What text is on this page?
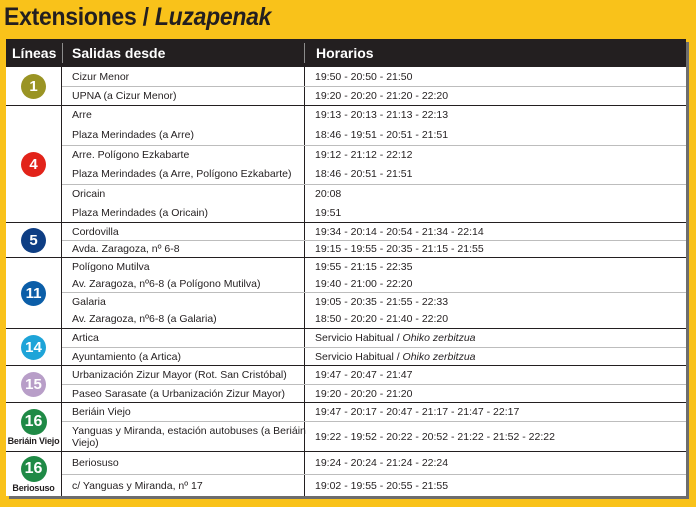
Extensiones / Luzapenak
Líneas Salidas desde	Horarios
1
Cizur Menor	19:50 - 20:50 - 21:50
UPNA (a Cizur Menor)	19:20 - 20:20 - 21:20 - 22:20
4
Arre	19:13 - 20:13 - 21:13 - 22:13
Plaza Merindades (a Arre)	18:46 - 19:51 - 20:51 - 21:51
Arre. Polígono Ezkabarte	19:12 - 21:12 - 22:12
Plaza Merindades (a Arre, Polígono Ezkabarte)	18:46 - 20:51 - 21:51
Oricain	20:08
Plaza Merindades (a Oricain)	19:51
5	Cordovilla	19:34 - 20:14 - 20:54 - 21:34 - 22:14
Avda. Zaragoza, nº 6-8	19:15 - 19:55 - 20:35 - 21:15 - 21:55
11
Polígono Mutilva	19:55 - 21:15 - 22:35
Av. Zaragoza, nº6-8 (a Polígono Mutilva)	19:40 - 21:00 - 22:20
Galaria	19:05 - 20:35 - 21:55 - 22:33
Av. Zaragoza, nº6-8 (a Galaria)	18:50 - 20:20 - 21:40 - 22:20
14
Artica	Servicio Habitual /
Ohiko zerbitzua
Ayuntamiento (a Artica)	Servicio Habitual /
Ohiko zerbitzua
15
Urbanización Zizur Mayor (Rot. San Cristóbal)	19:47 - 20:47 - 21:47
Paseo Sarasate (a Urbanización Zizur Mayor)	19:20 - 20:20 - 21:20
16
Beriáin Viejo
Beriáin Viejo	19:47 - 20:17 - 20:47 - 21:17 - 21:47 - 22:17
Yanguas y Miranda, estación autobuses (a Beriáin Viejo)	19:22 - 19:52 - 20:22 - 20:52 - 21:22 - 21:52 - 22:22
16
Beriosuso
Beriosuso	19:24 - 20:24 - 21:24 - 22:24
c/ Yanguas y Miranda, nº 17	19:02 - 19:55 - 20:55 - 21:55
